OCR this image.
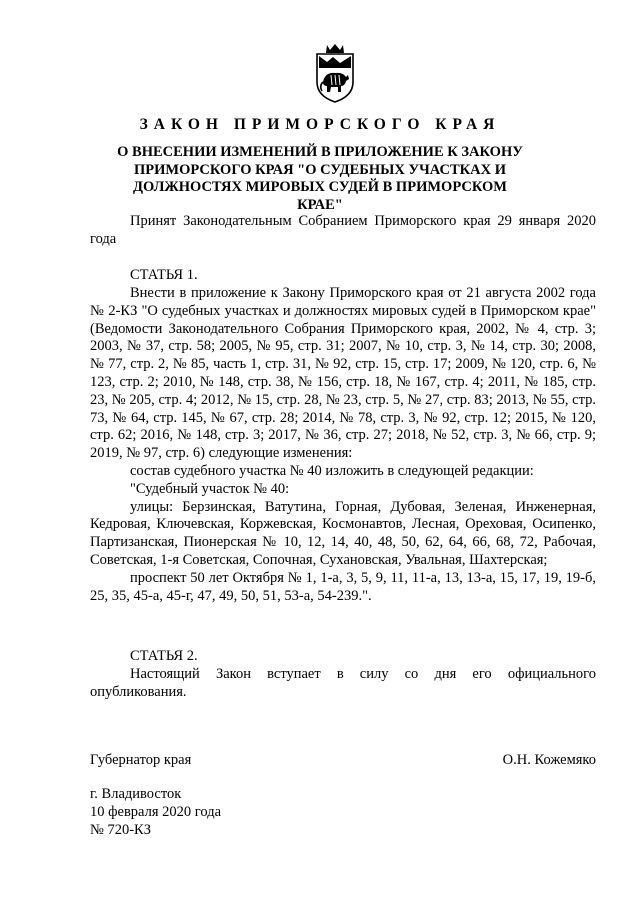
ЗАКОН ПРИМОРСКОГО КРАЯ
О ВНЕСЕНИИ ИЗМЕНЕНИЙ В ПРИЛОЖЕНИЕ К ЗАКОНУ ПРИМОРСКОГО КРАЯ "О СУДЕБНЫХ УЧАСТКАХ И ДОЛЖНОСТЯХ МИРОВЫХ СУДЕЙ В ПРИМОРСКОМ КРАЕ"
Принят Законодательным Собранием Приморского края 29 января 2020 года
СТАТЬЯ 1.
Внести в приложение к Закону Приморского края от 21 августа 2002 года № 2-КЗ "О судебных участках и должностях мировых судей в Приморском крае" (Ведомости Законодательного Собрания Приморского края, 2002, № 4, стр. 3; 2003, № 37, стр. 58; 2005, № 95, стр. 31; 2007, № 10, стр. 3, № 14, стр. 30; 2008, № 77, стр. 2, № 85, часть 1, стр. 31, № 92, стр. 15, стр. 17; 2009, № 120, стр. 6, № 123, стр. 2; 2010, № 148, стр. 38, № 156, стр. 18, № 167, стр. 4; 2011, № 185, стр. 23, № 205, стр. 4; 2012, № 15, стр. 28, № 23, стр. 5, № 27, стр. 83; 2013, № 55, стр. 73, № 64, стр. 145, № 67, стр. 28; 2014, № 78, стр. 3, № 92, стр. 12; 2015, № 120, стр. 62; 2016, № 148, стр. 3; 2017, № 36, стр. 27; 2018, № 52, стр. 3, № 66, стр. 9; 2019, № 97, стр. 6) следующие изменения:
состав судебного участка № 40 изложить в следующей редакции:
"Судебный участок № 40:
улицы: Берзинская, Ватутина, Горная, Дубовая, Зеленая, Инженерная, Кедровая, Ключевская, Коржевская, Космонавтов, Лесная, Ореховая, Осипенко, Партизанская, Пионерская № 10, 12, 14, 40, 48, 50, 62, 64, 66, 68, 72, Рабочая, Советская, 1-я Советская, Сопочная, Сухановская, Увальная, Шахтерская;
проспект 50 лет Октября № 1, 1-а, 3, 5, 9, 11, 11-а, 13, 13-а, 15, 17, 19, 19-б, 25, 35, 45-а, 45-г, 47, 49, 50, 51, 53-а, 54-239.".
СТАТЬЯ 2.
Настоящий Закон вступает в силу со дня его официального опубликования.
Губернатор края	О.Н. Кожемяко
г. Владивосток
10 февраля 2020 года
№ 720-КЗ
